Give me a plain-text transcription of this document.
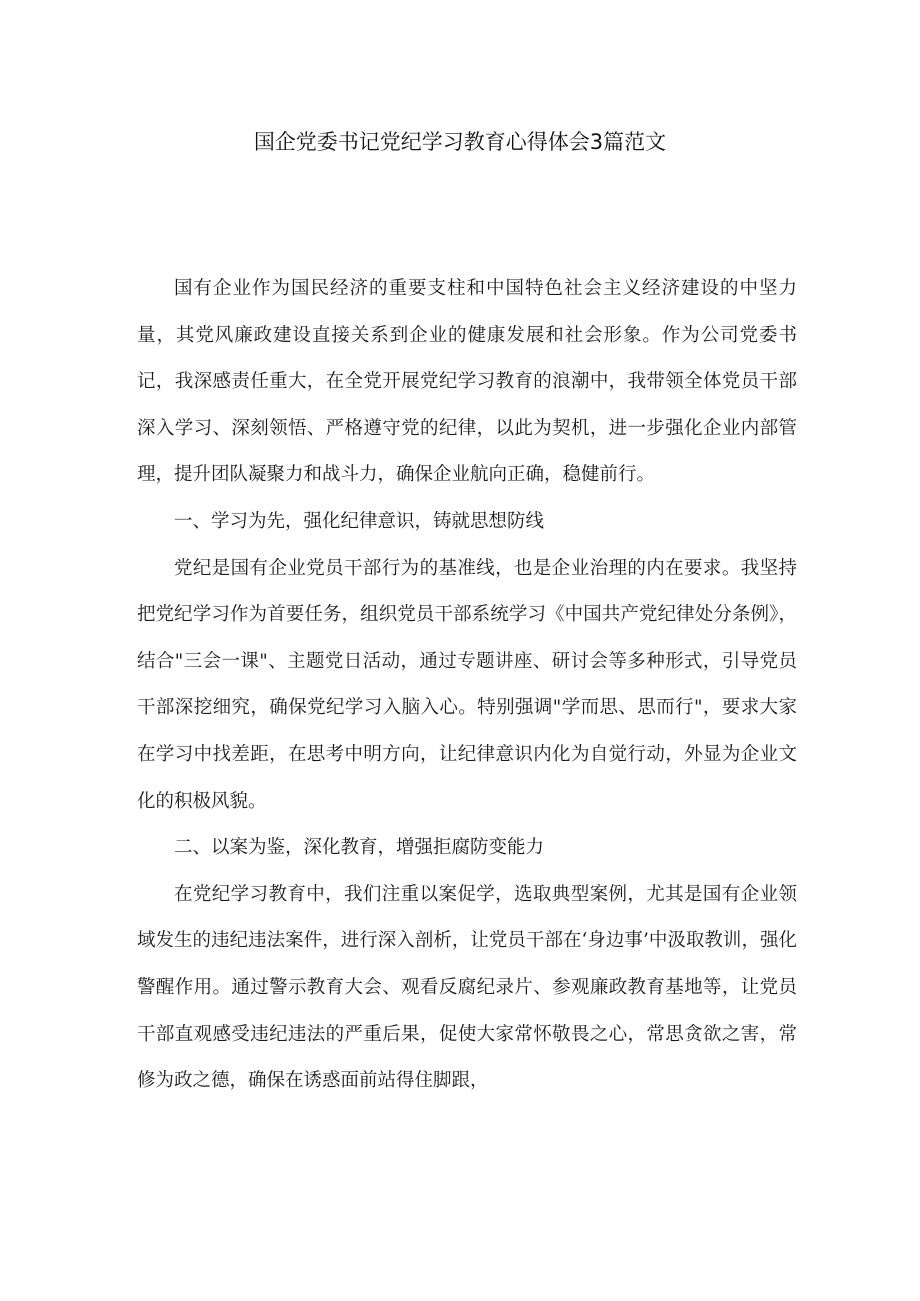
国企党委书记党纪学习教育心得体会3篇范文

国有企业作为国民经济的重要支柱和中国特色社会主义经济建设的中坚力量，其党风廉政建设直接关系到企业的健康发展和社会形象。作为公司党委书记，我深感责任重大，在全党开展党纪学习教育的浪潮中，我带领全体党员干部深入学习、深刻领悟、严格遵守党的纪律，以此为契机，进一步强化企业内部管理，提升团队凝聚力和战斗力，确保企业航向正确，稳健前行。

一、学习为先，强化纪律意识，铸就思想防线

党纪是国有企业党员干部行为的基准线，也是企业治理的内在要求。我坚持把党纪学习作为首要任务，组织党员干部系统学习《中国共产党纪律处分条例》，结合"三会一课"、主题党日活动，通过专题讲座、研讨会等多种形式，引导党员干部深挖细究，确保党纪学习入脑入心。特别强调"学而思、思而行"，要求大家在学习中找差距，在思考中明方向，让纪律意识内化为自觉行动，外显为企业文化的积极风貌。

二、以案为鉴，深化教育，增强拒腐防变能力

在党纪学习教育中，我们注重以案促学，选取典型案例，尤其是国有企业领域发生的违纪违法案件，进行深入剖析，让党员干部在‘身边事’中汲取教训，强化警醒作用。通过警示教育大会、观看反腐纪录片、参观廉政教育基地等，让党员干部直观感受违纪违法的严重后果，促使大家常怀敬畏之心，常思贪欲之害，常修为政之德，确保在诱惑面前站得住脚跟，
